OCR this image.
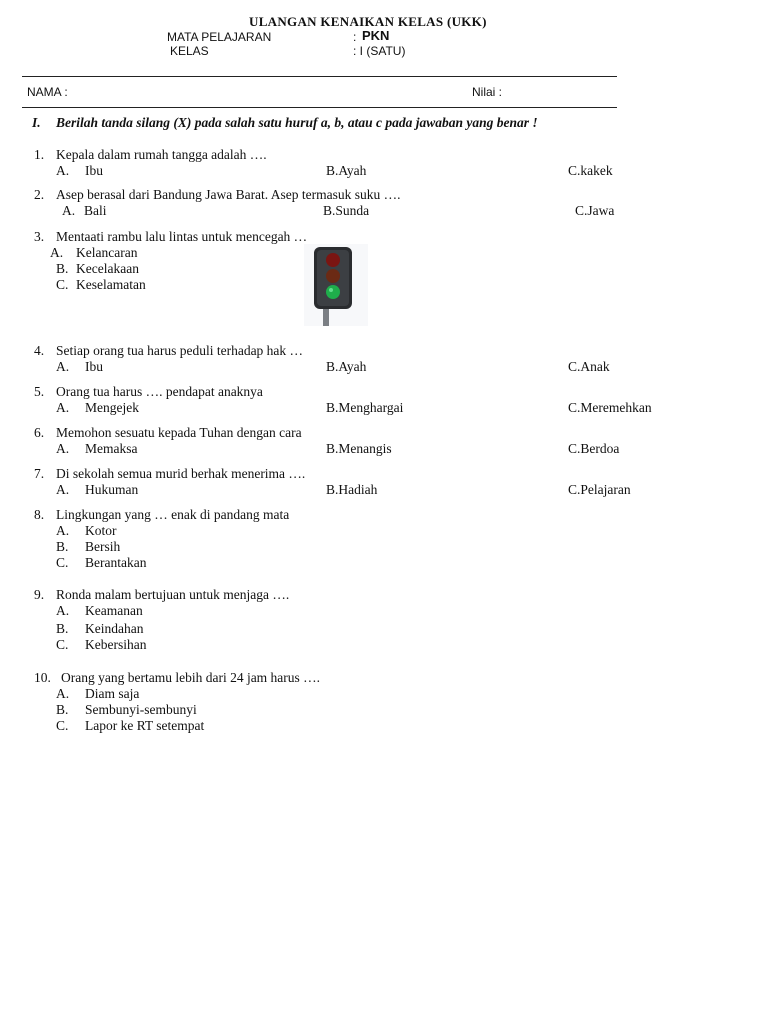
ULANGAN KENAIKAN KELAS (UKK)
MATA PELAJARAN	: PKN
KELAS	: I (SATU)
NAMA :	Nilai :
I. Berilah tanda silang (X) pada salah satu huruf a, b, atau c pada jawaban yang benar !
1. Kepala dalam rumah tangga adalah ….
A. Ibu	B.Ayah	C.kakek
2. Asep berasal dari Bandung Jawa Barat. Asep termasuk suku ….
A. Bali	B.Sunda	C.Jawa
3. Mentaati rambu lalu lintas untuk mencegah …
A. Kelancaran
B. Kecelakaan
C. Keselamatan
4. Setiap orang tua harus peduli terhadap hak …
A. Ibu	B.Ayah	C.Anak
5. Orang tua harus …. pendapat anaknya
A. Mengejek	B.Menghargai	C.Meremehkan
6. Memohon sesuatu kepada Tuhan dengan cara
A. Memaksa	B.Menangis	C.Berdoa
7. Di sekolah semua murid berhak menerima ….
A. Hukuman	B.Hadiah	C.Pelajaran
8. Lingkungan yang … enak di pandang mata
A. Kotor
B. Bersih
C. Berantakan
9. Ronda malam bertujuan untuk menjaga ….
A. Keamanan
B. Keindahan
C. Kebersihan
10. Orang yang bertamu lebih dari 24 jam harus ….
A. Diam saja
B. Sembunyi-sembunyi
C. Lapor ke RT setempat
